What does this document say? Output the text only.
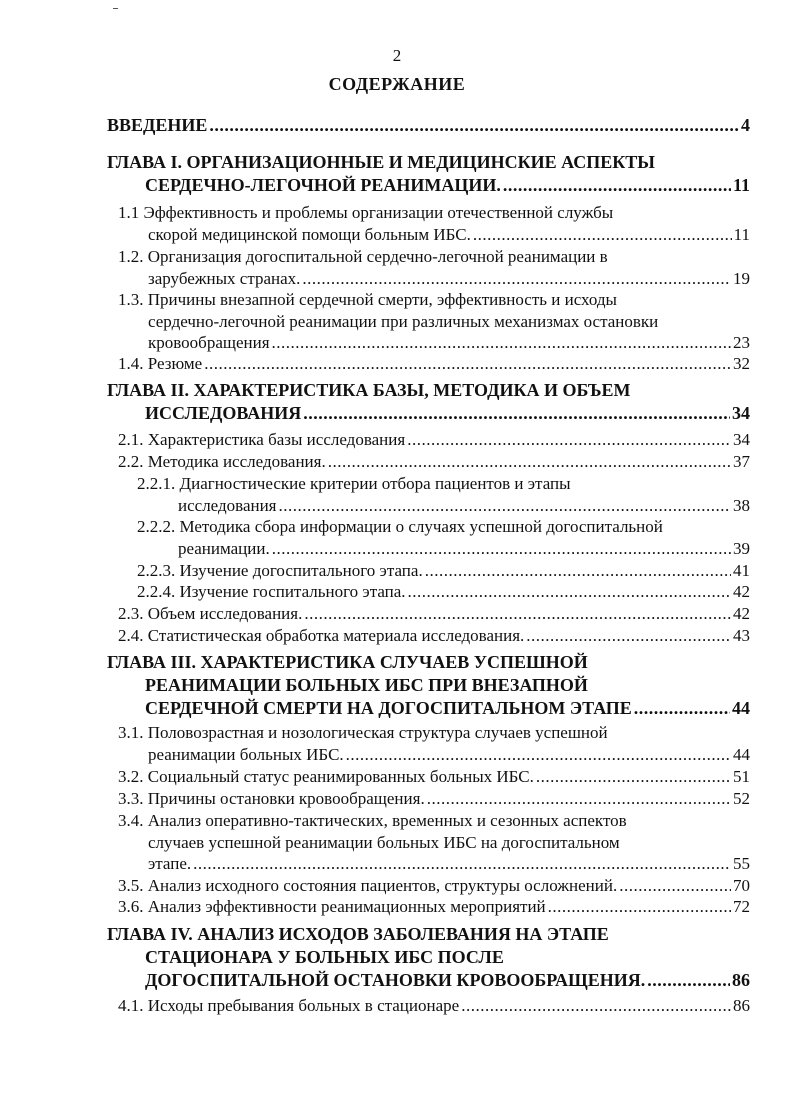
2
СОДЕРЖАНИЕ
ВВЕДЕНИЕ .....	4
ГЛАВА I. ОРГАНИЗАЦИОННЫЕ И МЕДИЦИНСКИЕ АСПЕКТЫ
СЕРДЕЧНО-ЛЕГОЧНОЙ РЕАНИМАЦИИ. .....	11
1.1 Эффективность и проблемы организации отечественной службы
скорой медицинской помощи больным ИБС. .....	11
1.2. Организация догоспитальной сердечно-легочной реанимации в
зарубежных странах. .....	19
1.3. Причины внезапной сердечной смерти, эффективность и исходы
сердечно-легочной реанимации при различных механизмах остановки
кровообращения .....	23
1.4. Резюме .....	32
ГЛАВА II. ХАРАКТЕРИСТИКА БАЗЫ, МЕТОДИКА И ОБЪЕМ
ИССЛЕДОВАНИЯ .....	34
2.1. Характеристика базы исследования .....	34
2.2. Методика исследования. .....	37
2.2.1. Диагностические критерии отбора пациентов и этапы
исследования .....	38
2.2.2. Методика сбора информации о случаях успешной догоспитальной
реанимации. .....	39
2.2.3. Изучение догоспитального этапа. .....	41
2.2.4. Изучение госпитального этапа. .....	42
2.3. Объем исследования. .....	42
2.4. Статистическая обработка материала исследования. .....	43
ГЛАВА III. ХАРАКТЕРИСТИКА СЛУЧАЕВ УСПЕШНОЙ
РЕАНИМАЦИИ БОЛЬНЫХ ИБС ПРИ ВНЕЗАПНОЙ
СЕРДЕЧНОЙ СМЕРТИ НА ДОГОСПИТАЛЬНОМ ЭТАПЕ .....	44
3.1. Половозрастная и нозологическая структура случаев успешной
реанимации больных ИБС. .....	44
3.2. Социальный статус реанимированных больных ИБС. .....	51
3.3. Причины остановки кровообращения. .....	52
3.4. Анализ оперативно-тактических, временных и сезонных аспектов
случаев успешной реанимации больных ИБС на догоспитальном
этапе. .....	55
3.5. Анализ исходного состояния пациентов, структуры осложнений. .....	70
3.6. Анализ эффективности реанимационных мероприятий .....	72
ГЛАВА IV. АНАЛИЗ ИСХОДОВ ЗАБОЛЕВАНИЯ НА ЭТАПЕ
СТАЦИОНАРА У БОЛЬНЫХ ИБС ПОСЛЕ
ДОГОСПИТАЛЬНОЙ ОСТАНОВКИ КРОВООБРАЩЕНИЯ. .....	86
4.1. Исходы пребывания больных в стационаре .....	86
